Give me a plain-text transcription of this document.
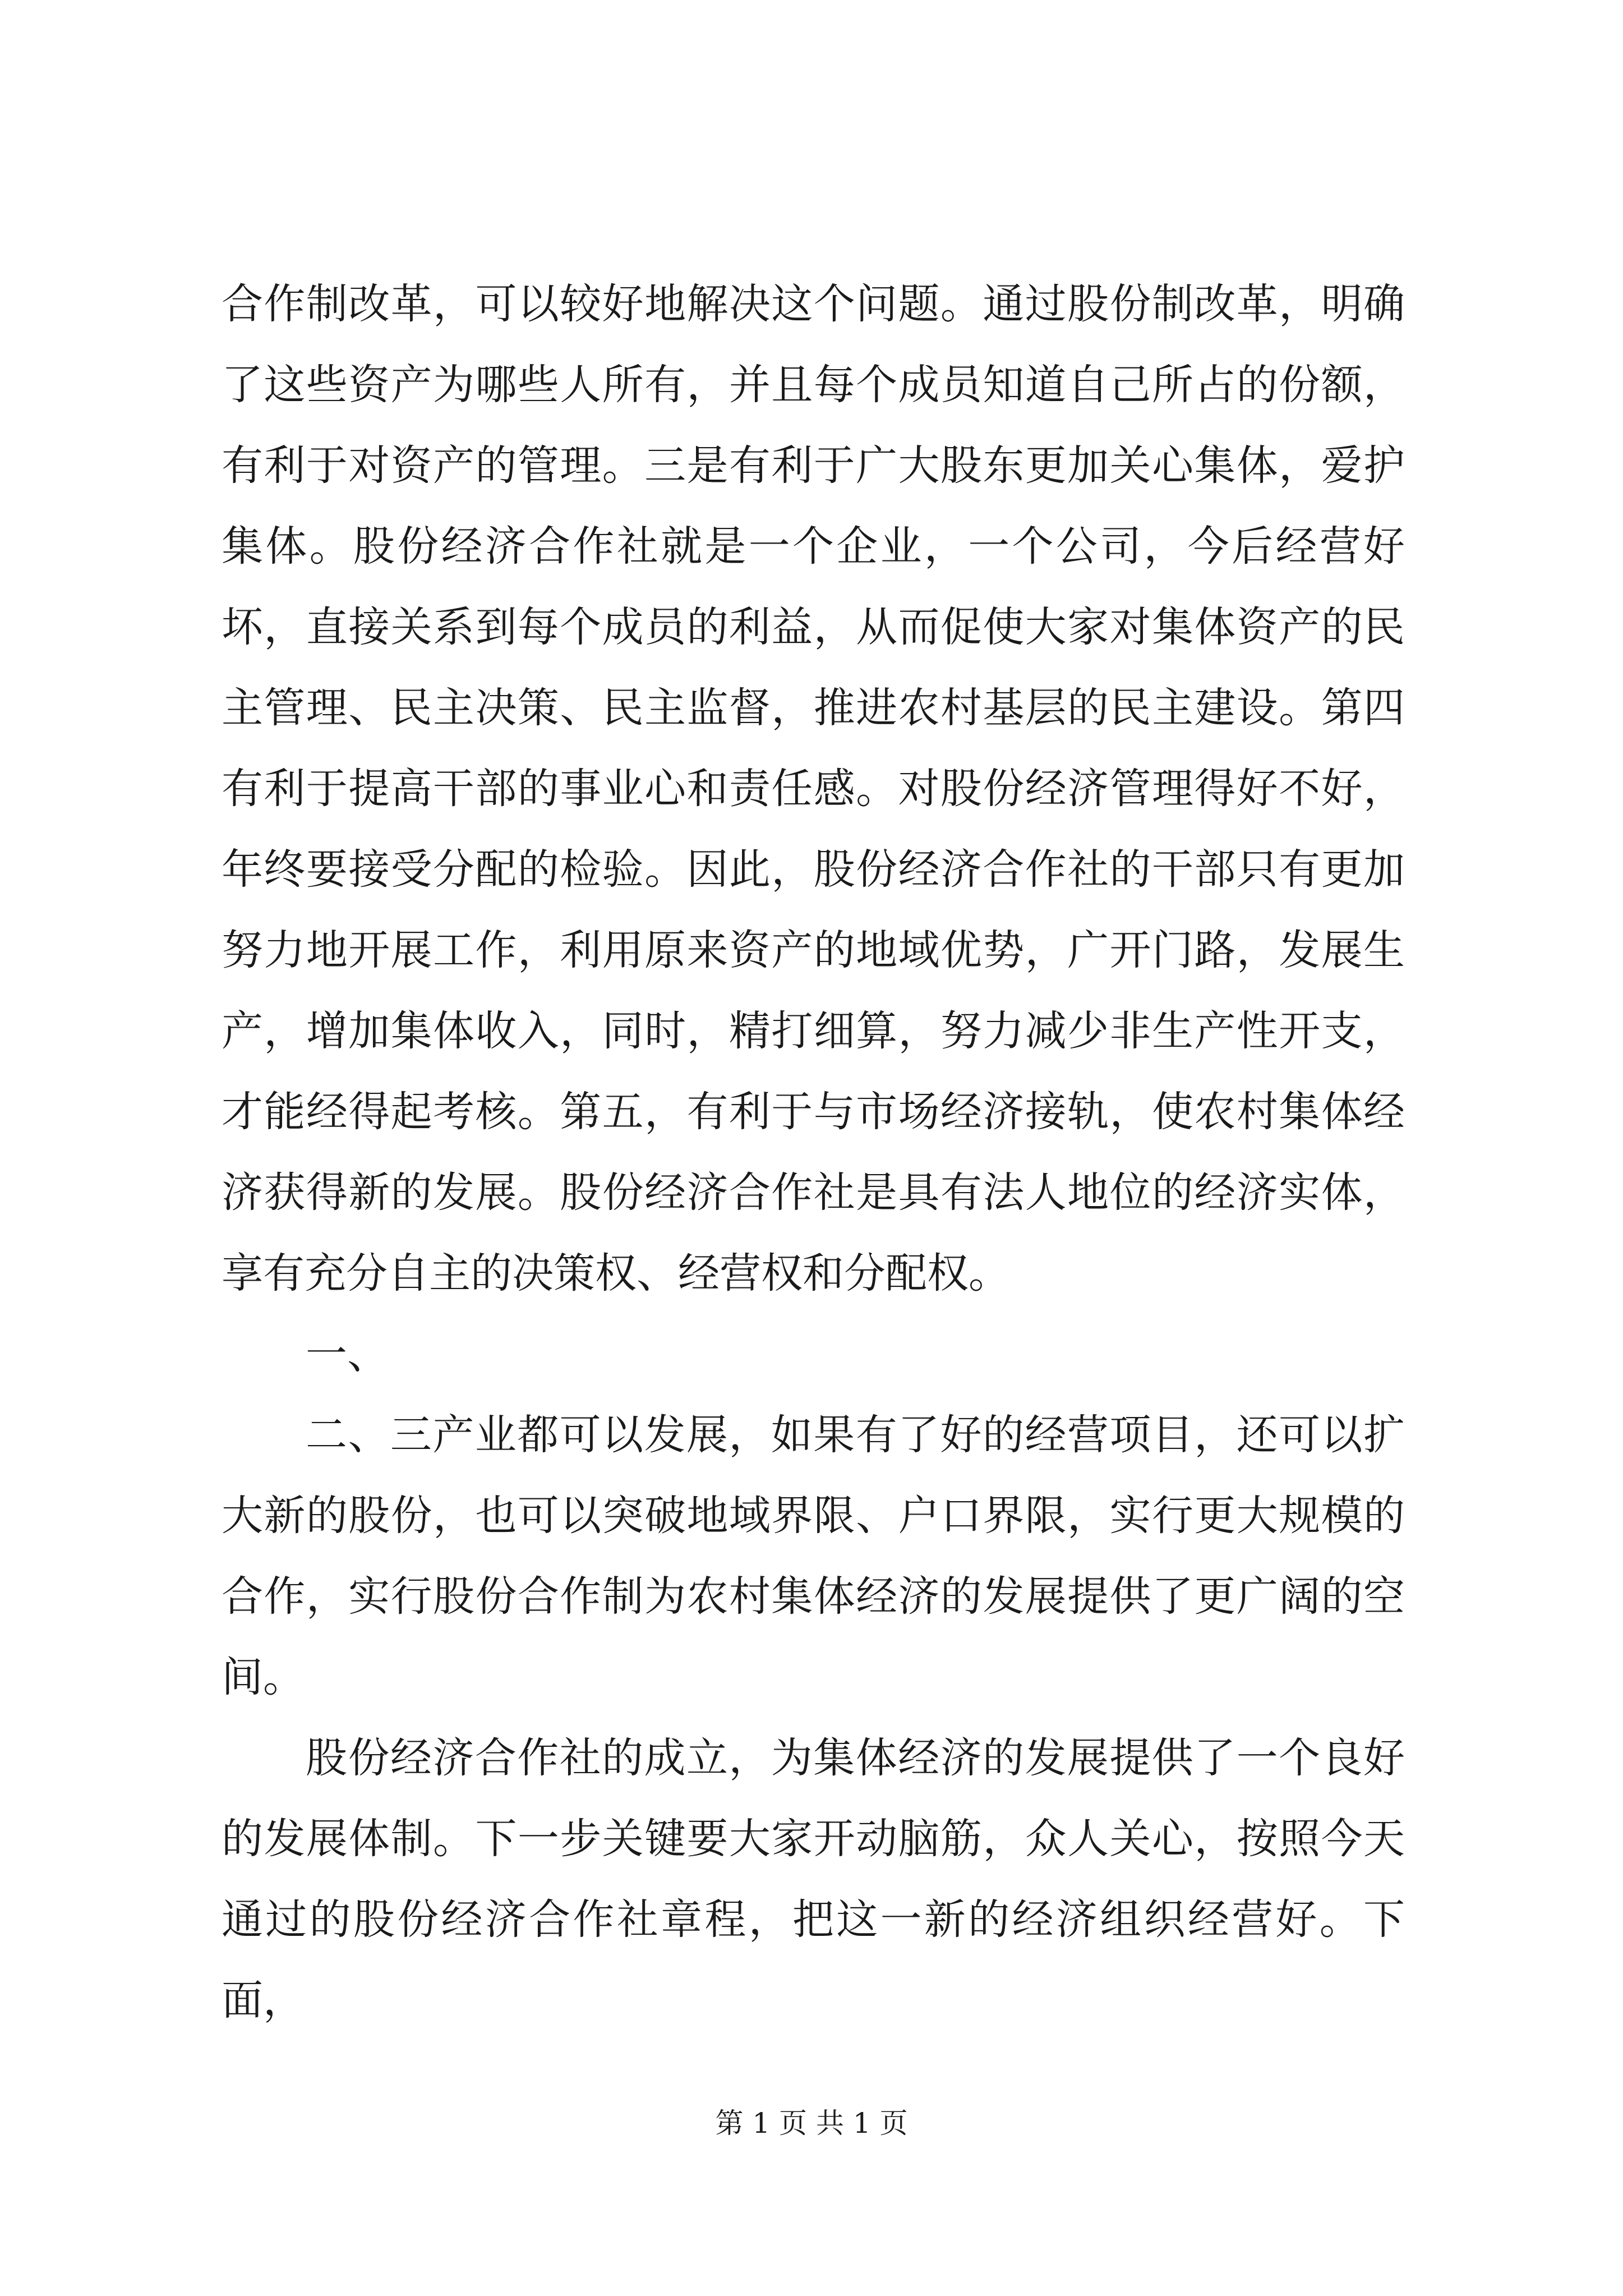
合作制改革，可以较好地解决这个问题。通过股份制改革，明确了这些资产为哪些人所有，并且每个成员知道自己所占的份额，有利于对资产的管理。三是有利于广大股东更加关心集体，爱护集体。股份经济合作社就是一个企业，一个公司，今后经营好坏，直接关系到每个成员的利益，从而促使大家对集体资产的民主管理、民主决策、民主监督，推进农村基层的民主建设。第四有利于提高干部的事业心和责任感。对股份经济管理得好不好，年终要接受分配的检验。因此，股份经济合作社的干部只有更加努力地开展工作，利用原来资产的地域优势，广开门路，发展生产，增加集体收入，同时，精打细算，努力减少非生产性开支，才能经得起考核。第五，有利于与市场经济接轨，使农村集体经济获得新的发展。股份经济合作社是具有法人地位的经济实体，享有充分自主的决策权、经营权和分配权。

一、

二、三产业都可以发展，如果有了好的经营项目，还可以扩大新的股份，也可以突破地域界限、户口界限，实行更大规模的合作，实行股份合作制为农村集体经济的发展提供了更广阔的空间。

股份经济合作社的成立，为集体经济的发展提供了一个良好的发展体制。下一步关键要大家开动脑筋，众人关心，按照今天通过的股份经济合作社章程，把这一新的经济组织经营好。下面，

第 1 页 共 1 页
